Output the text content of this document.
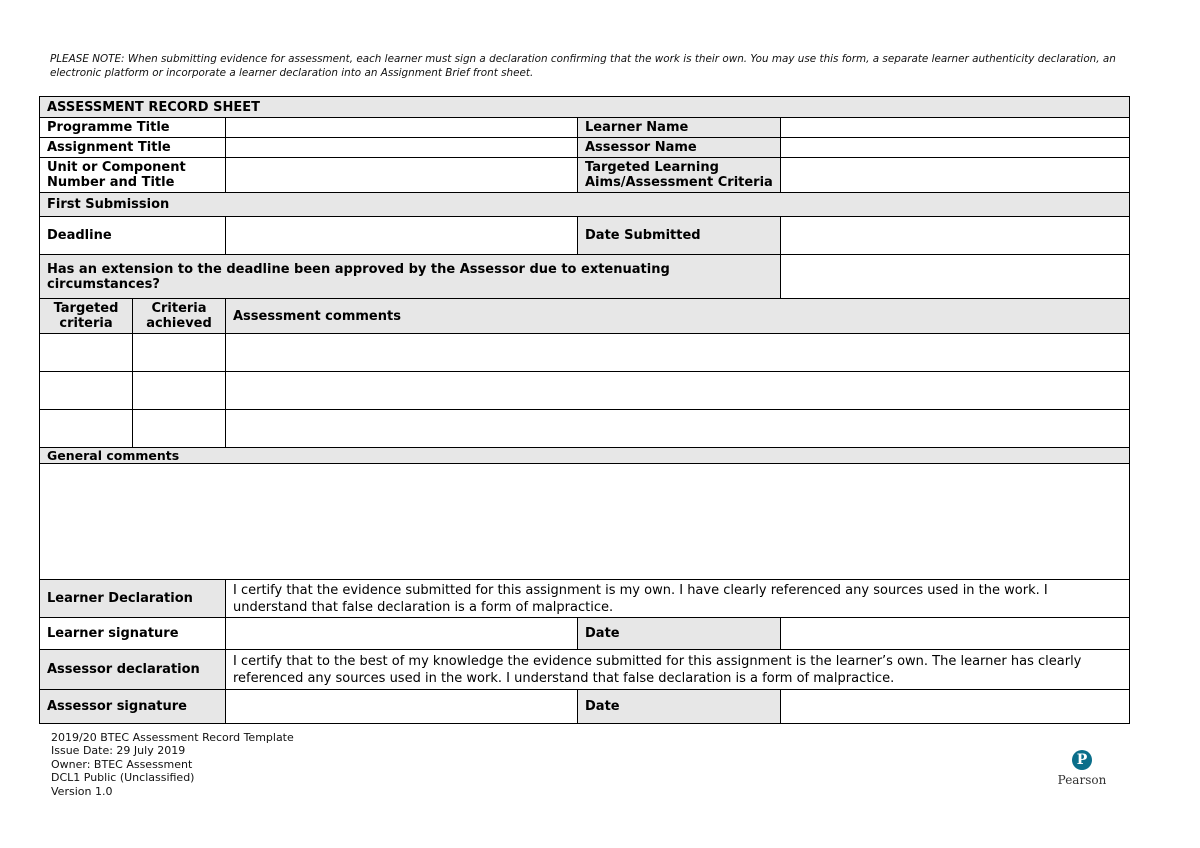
PLEASE NOTE: When submitting evidence for assessment, each learner must sign a declaration confirming that the work is their own. You may use this form, a separate learner authenticity declaration, an electronic platform or incorporate a learner declaration into an Assignment Brief front sheet.
ASSESSMENT RECORD SHEET				
Programme Title			Learner Name	
Assignment Title			Assessor Name	
Unit or Component Number and Title			Targeted Learning Aims/Assessment Criteria	
First Submission				
Deadline			Date Submitted	
Has an extension to the deadline been approved by the Assessor due to extenuating circumstances?				
Targeted criteria	Criteria achieved	Assessment comments		

General comments				

Learner Declaration		I certify that the evidence submitted for this assignment is my own. I have clearly referenced any sources used in the work. I understand that false declaration is a form of malpractice.		
Learner signature			Date	
Assessor declaration		I certify that to the best of my knowledge the evidence submitted for this assignment is the learner’s own. The learner has clearly referenced any sources used in the work. I understand that false declaration is a form of malpractice.		
Assessor signature			Date	
2019/20 BTEC Assessment Record Template
Issue Date: 29 July 2019
Owner: BTEC Assessment
DCL1 Public (Unclassified)
Version 1.0
P
Pearson
